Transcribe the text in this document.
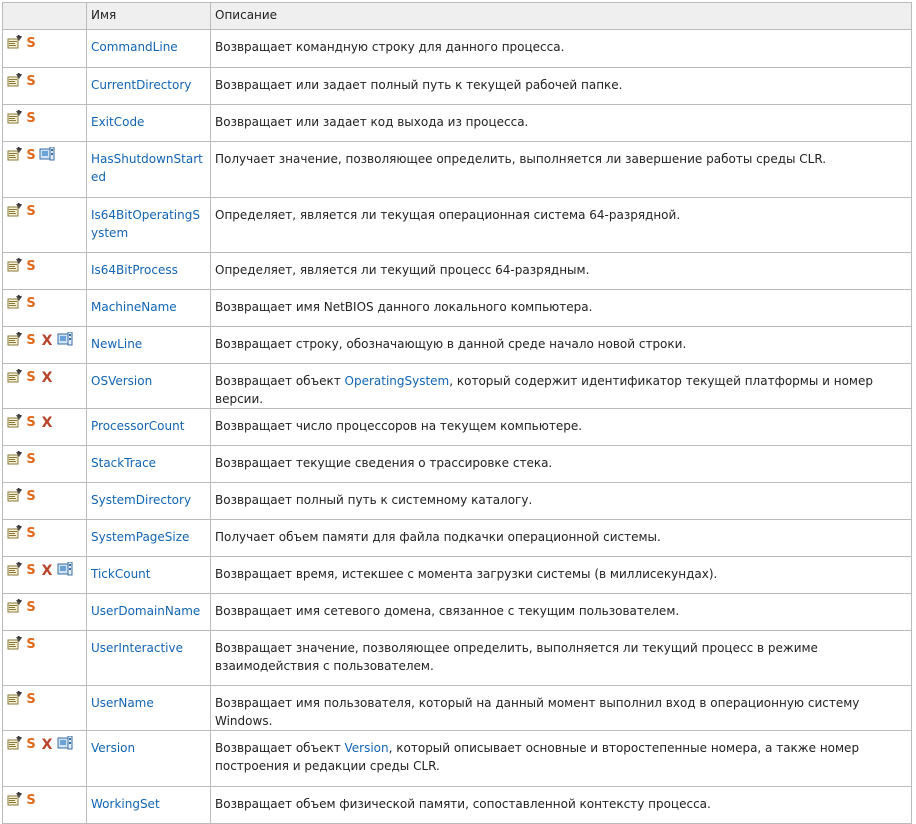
	Имя	Описание
S	CommandLine	Возвращает командную строку для данного процесса.
S	CurrentDirectory	Возвращает или задает полный путь к текущей рабочей папке.
S	ExitCode	Возвращает или задает код выхода из процесса.
S	HasShutdownStarted	Получает значение, позволяющее определить, выполняется ли завершение работы среды CLR.
S	Is64BitOperatingSystem	Определяет, является ли текущая операционная система 64-разрядной.
S	Is64BitProcess	Определяет, является ли текущий процесс 64-разрядным.
S	MachineName	Возвращает имя NetBIOS данного локального компьютера.
S X	NewLine	Возвращает строку, обозначающую в данной среде начало новой строки.
S X	OSVersion	Возвращает объект OperatingSystem, который содержит идентификатор текущей платформы и номер версии.
S X	ProcessorCount	Возвращает число процессоров на текущем компьютере.
S	StackTrace	Возвращает текущие сведения о трассировке стека.
S	SystemDirectory	Возвращает полный путь к системному каталогу.
S	SystemPageSize	Получает объем памяти для файла подкачки операционной системы.
S X	TickCount	Возвращает время, истекшее с момента загрузки системы (в миллисекундах).
S	UserDomainName	Возвращает имя сетевого домена, связанное с текущим пользователем.
S	UserInteractive	Возвращает значение, позволяющее определить, выполняется ли текущий процесс в режиме взаимодействия с пользователем.
S	UserName	Возвращает имя пользователя, который на данный момент выполнил вход в операционную систему Windows.
S X	Version	Возвращает объект Version, который описывает основные и второстепенные номера, а также номер построения и редакции среды CLR.
S	WorkingSet	Возвращает объем физической памяти, сопоставленной контексту процесса.
